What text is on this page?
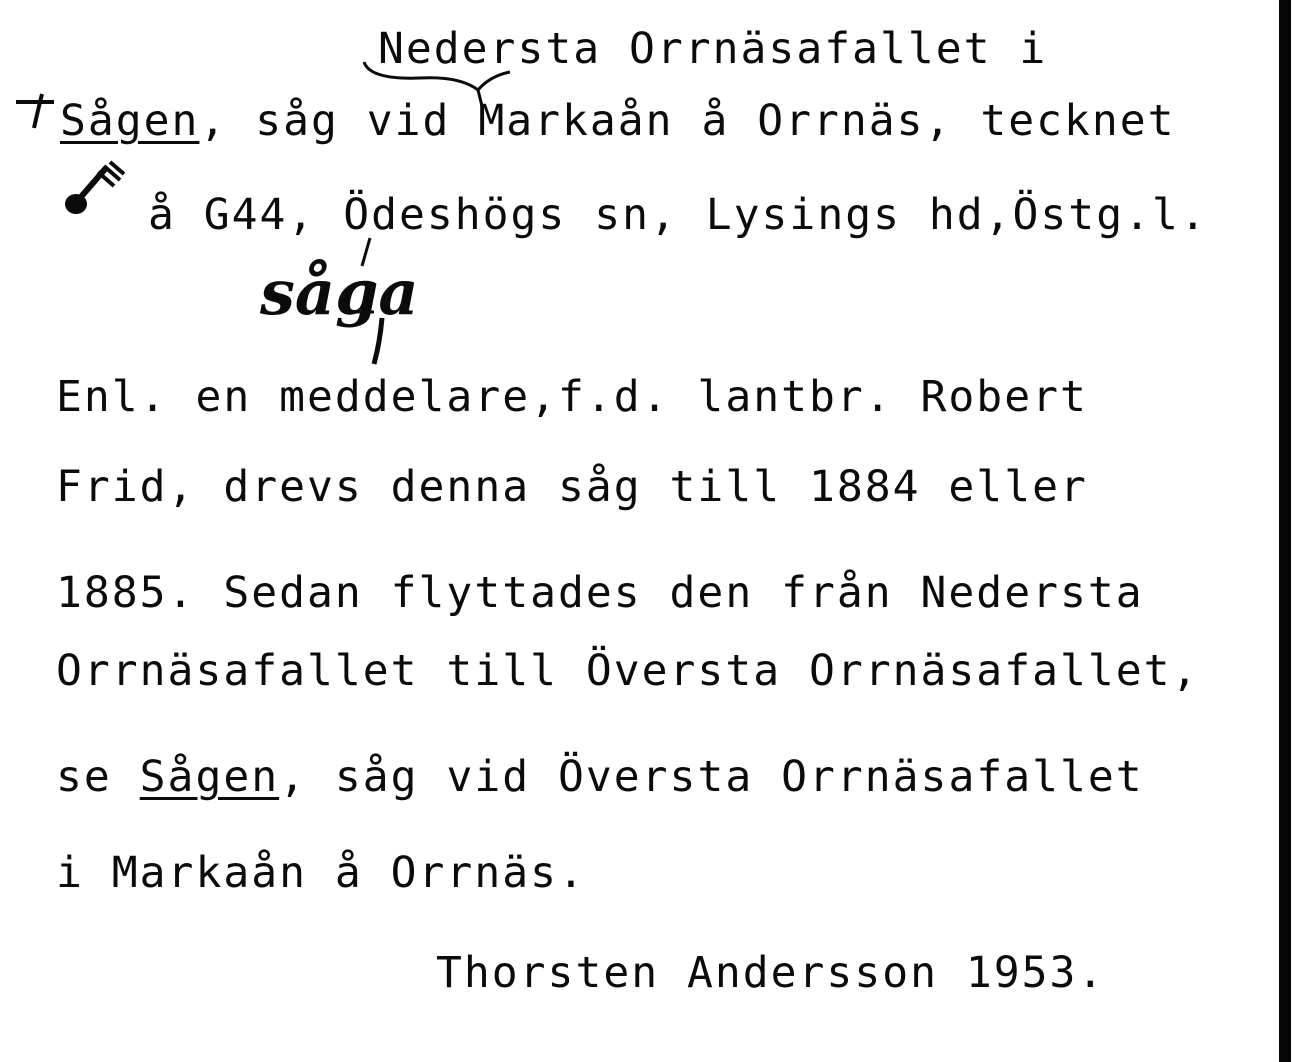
Nedersta Orrnäsafallet i
Sågen, såg vid Markaån å Orrnäs, tecknet
å G44, Ödeshögs sn, Lysings hd,Östg.l.
såga
Enl. en meddelare,f.d. lantbr. Robert
Frid, drevs denna såg till 1884 eller
1885. Sedan flyttades den från Nedersta
Orrnäsafallet till Översta Orrnäsafallet,
se Sågen, såg vid Översta Orrnäsafallet
i Markaån å Orrnäs.
Thorsten Andersson 1953.
